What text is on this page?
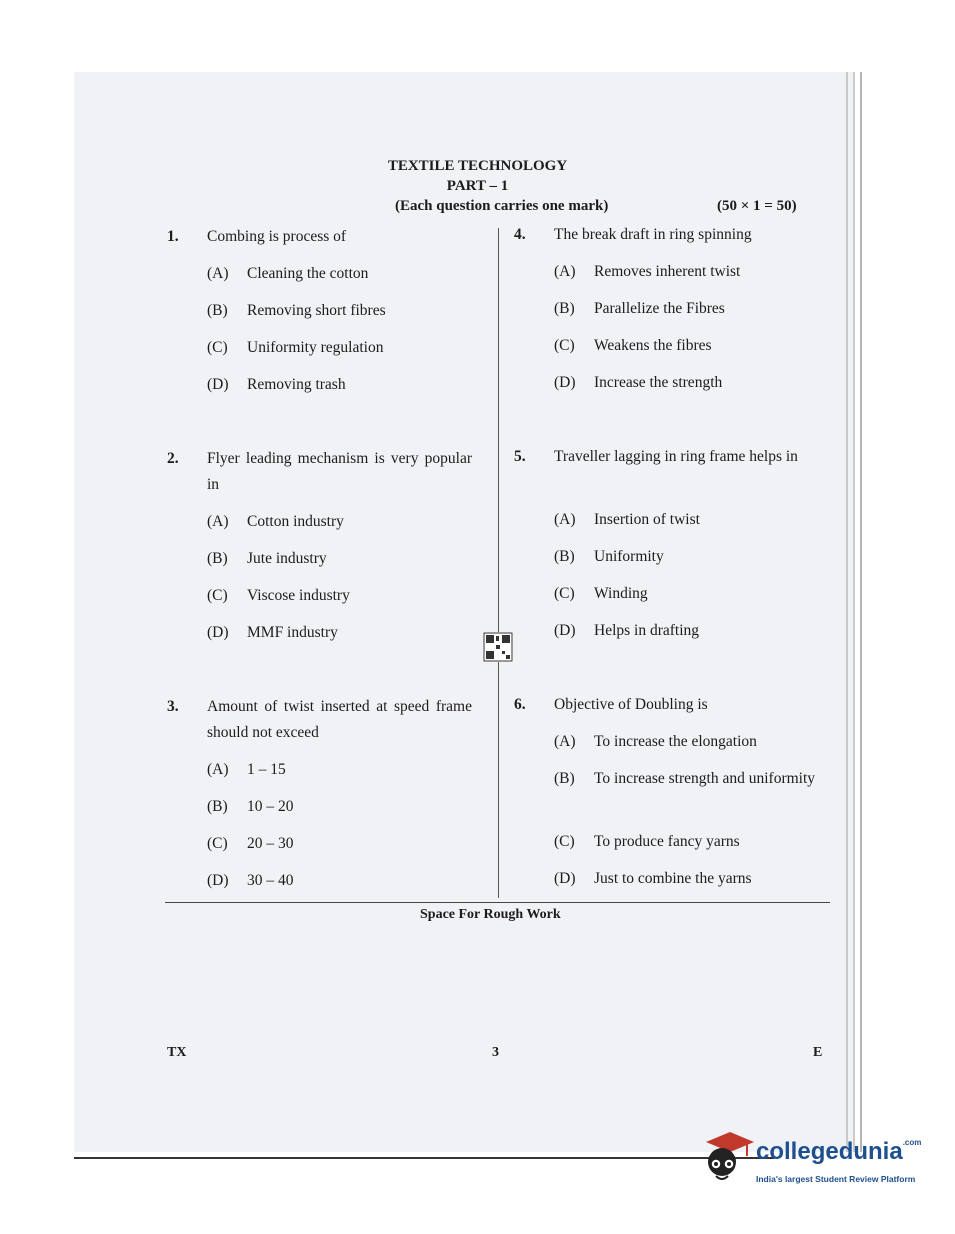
TEXTILE TECHNOLOGY
PART – 1
(Each question carries one mark)	(50 × 1 = 50)
1. Combing is process of
(A) Cleaning the cotton
(B) Removing short fibres
(C) Uniformity regulation
(D) Removing trash
2. Flyer leading mechanism is very popular in
(A) Cotton industry
(B) Jute industry
(C) Viscose industry
(D) MMF industry
3. Amount of twist inserted at speed frame should not exceed
(A) 1 – 15
(B) 10 – 20
(C) 20 – 30
(D) 30 – 40
4. The break draft in ring spinning
(A) Removes inherent twist
(B) Parallelize the Fibres
(C) Weakens the fibres
(D) Increase the strength
5. Traveller lagging in ring frame helps in
(A) Insertion of twist
(B) Uniformity
(C) Winding
(D) Helps in drafting
6. Objective of Doubling is
(A) To increase the elongation
(B) To increase strength and uniformity
(C) To produce fancy yarns
(D) Just to combine the yarns
Space For Rough Work
TX	3	E
collegedunia$^{.com}$
India's largest Student Review Platform
